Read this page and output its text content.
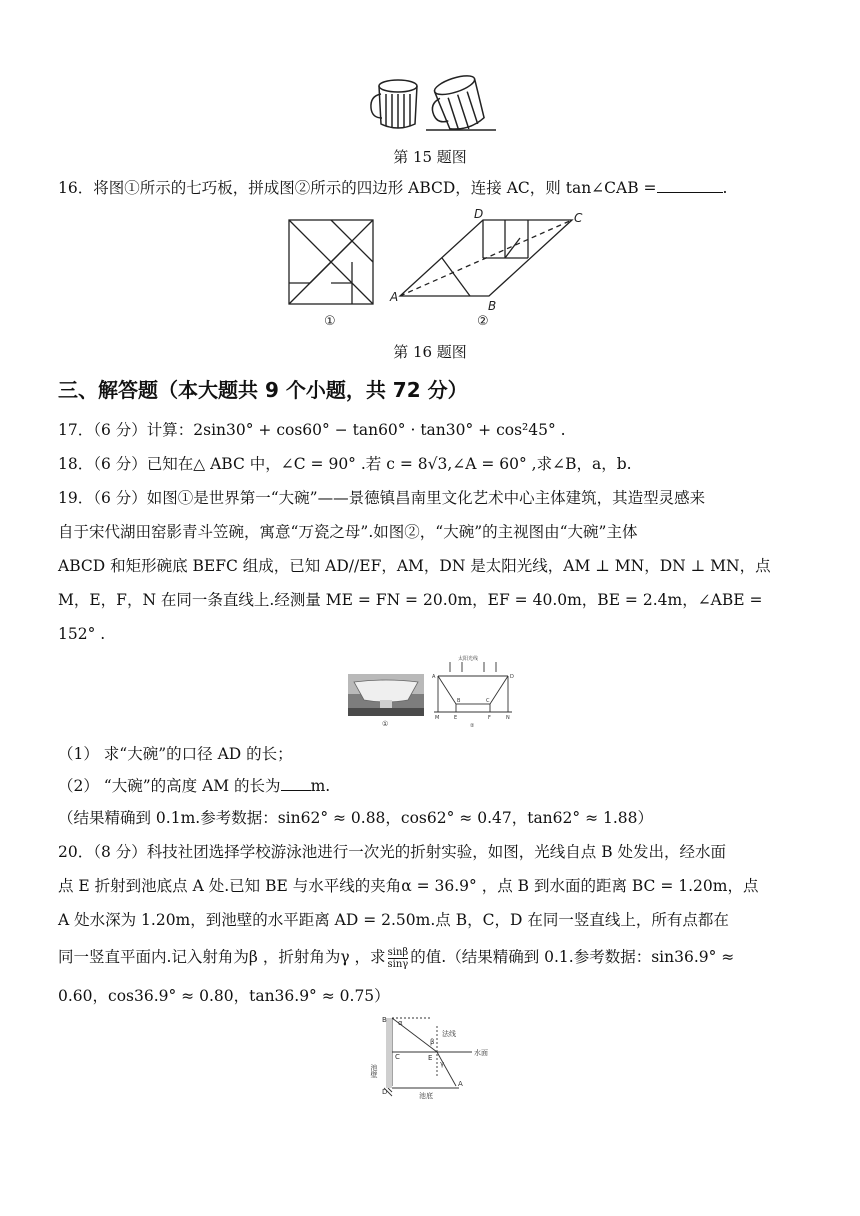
第 15 题图
16．将图①所示的七巧板，拼成图②所示的四边形 ABCD，连接 AC，则 tan∠CAB =	.
A
B
C
D
①	②
第 16 题图
三、解答题（本大题共 9 个小题，共 72 分）
17．（6 分）计算：2sin30° + cos60° − tan60° · tan30° + cos²45° .
18．（6 分）已知在△ ABC 中，∠C = 90° .若 c = 8√3,∠A = 60° ,求∠B，a，b.
19．（6 分）如图①是世界第一“大碗”——景德镇昌南里文化艺术中心主体建筑，其造型灵感来
自于宋代湖田窑影青斗笠碗，寓意“万瓷之母”.如图②，“大碗”的主视图由“大碗”主体
ABCD 和矩形碗底 BEFC 组成，已知 AD//EF，AM，DN 是太阳光线，AM ⊥ MN，DN ⊥ MN，点
M，E，F，N 在同一条直线上.经测量 ME = FN = 20.0m，EF = 40.0m，BE = 2.4m，∠ABE =
152° .
①
太阳光线
A	D
B	C
M	E	F	N
②
（1） 求“大碗”的口径 AD 的长；
（2） “大碗”的高度 AM 的长为 m.
（结果精确到 0.1m.参考数据：sin62° ≈ 0.88，cos62° ≈ 0.47，tan62° ≈ 1.88）
20．（8 分）科技社团选择学校游泳池进行一次光的折射实验，如图，光线自点 B 处发出，经水面
点 E 折射到池底点 A 处.已知 BE 与水平线的夹角α = 36.9° ，点 B 到水面的距离 BC = 1.20m，点
A 处水深为 1.20m，到池壁的水平距离 AD = 2.50m.点 B，C，D 在同一竖直线上，所有点都在
同一竖直平面内.记入射角为β ，折射角为γ ，求 $\frac{\sin\beta}{\sin\gamma}$ 的值.（结果精确到 0.1.参考数据：sin36.9° ≈
0.60，cos36.9° ≈ 0.80，tan36.9° ≈ 0.75）
B α
β
法线
C	E
水面
γ
池壁
A
D	池底
